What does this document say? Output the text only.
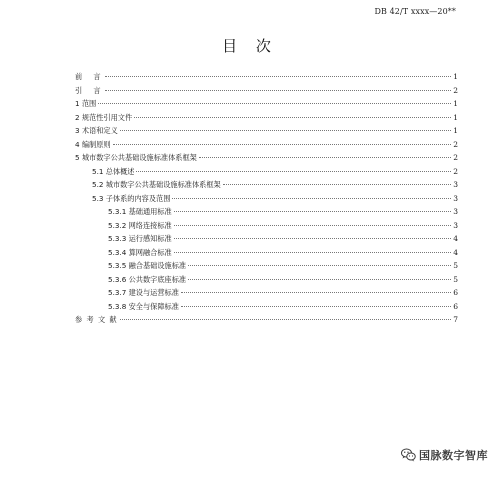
DB 42/T xxxx—20**
目 次
前　言	1
引　言	2
1 范围	1
2 规范性引用文件	1
3 术语和定义	1
4 编制原则	2
5 城市数字公共基础设施标准体系框架	2
5.1 总体概述	2
5.2 城市数字公共基础设施标准体系框架	3
5.3 子体系的内容及范围	3
5.3.1 基础通用标准	3
5.3.2 网络连接标准	3
5.3.3 运行感知标准	4
5.3.4 算网融合标准	4
5.3.5 融合基础设施标准	5
5.3.6 公共数字底座标准	5
5.3.7 建设与运营标准	6
5.3.8 安全与保障标准	6
参 考 文 献	7
国脉数字智库
